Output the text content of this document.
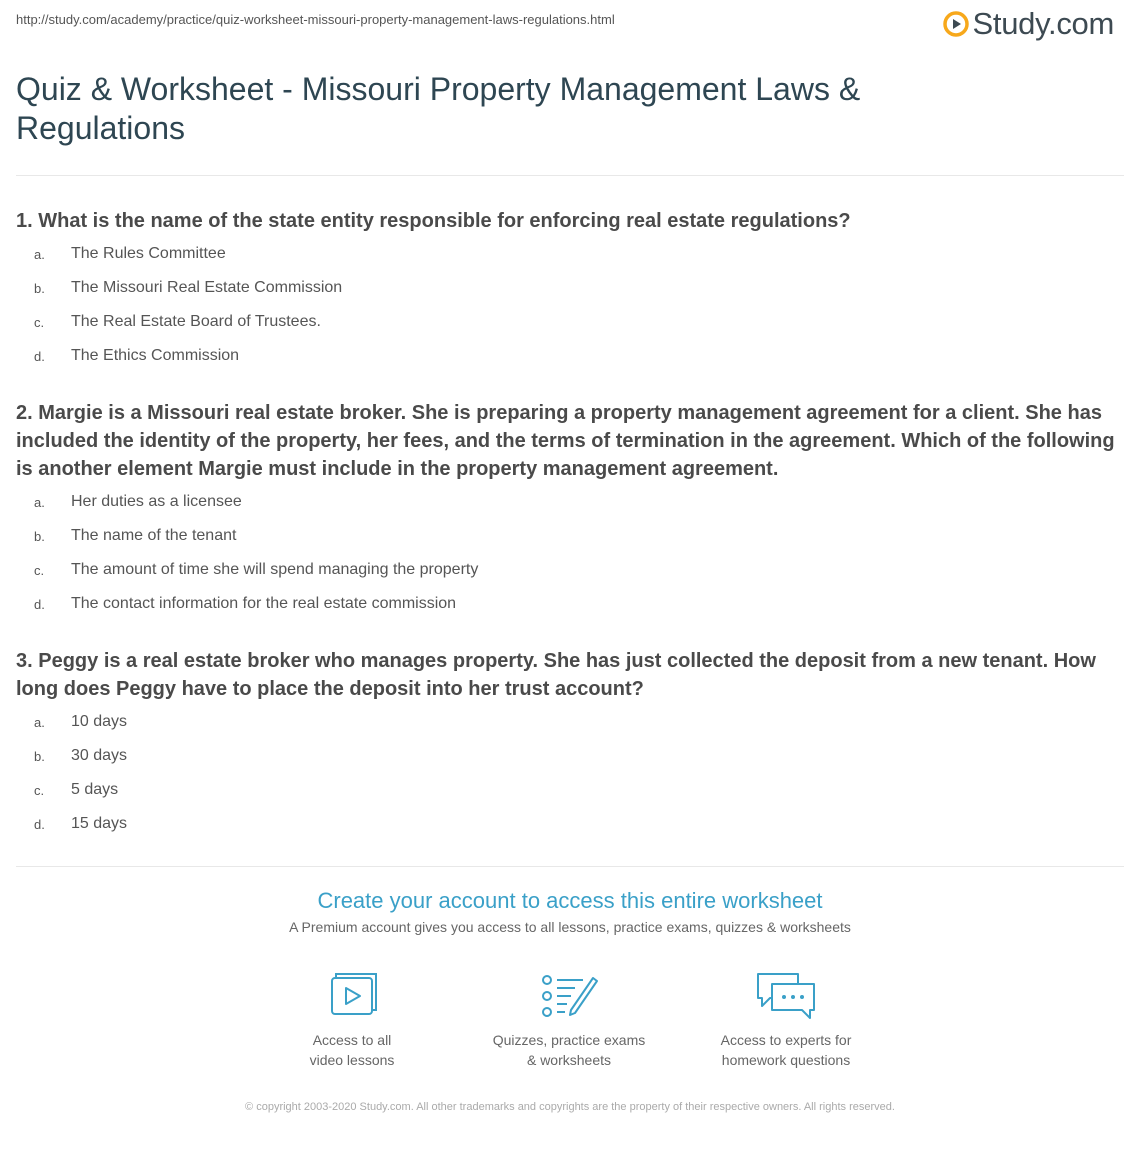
http://study.com/academy/practice/quiz-worksheet-missouri-property-management-laws-regulations.html	Study.com
Quiz & Worksheet - Missouri Property Management Laws & Regulations
1. What is the name of the state entity responsible for enforcing real estate regulations?
a.	The Rules Committee
b.	The Missouri Real Estate Commission
c.	The Real Estate Board of Trustees.
d.	The Ethics Commission
2. Margie is a Missouri real estate broker. She is preparing a property management agreement for a client. She has included the identity of the property, her fees, and the terms of termination in the agreement. Which of the following is another element Margie must include in the property management agreement.
a.	Her duties as a licensee
b.	The name of the tenant
c.	The amount of time she will spend managing the property
d.	The contact information for the real estate commission
3. Peggy is a real estate broker who manages property. She has just collected the deposit from a new tenant. How long does Peggy have to place the deposit into her trust account?
a.	10 days
b.	30 days
c.	5 days
d.	15 days
Create your account to access this entire worksheet
A Premium account gives you access to all lessons, practice exams, quizzes & worksheets
Access to all
video lessons
Quizzes, practice exams
& worksheets
Access to experts for
homework questions
© copyright 2003-2020 Study.com. All other trademarks and copyrights are the property of their respective owners. All rights reserved.
